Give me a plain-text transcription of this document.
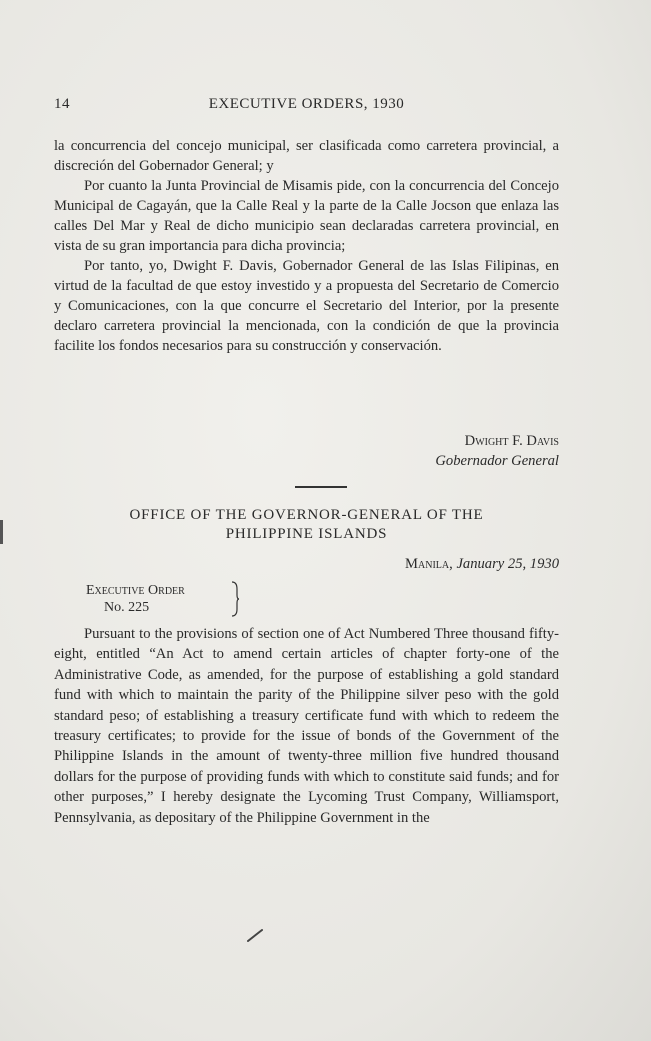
14	EXECUTIVE ORDERS, 1930

la concurrencia del concejo municipal, ser clasificada como carretera provincial, a discreción del Gobernador General; y

Por cuanto la Junta Provincial de Misamis pide, con la concurrencia del Concejo Municipal de Cagayán, que la Calle Real y la parte de la Calle Jocson que enlaza las calles Del Mar y Real de dicho municipio sean declaradas carretera provincial, en vista de su gran importancia para dicha provincia;

Por tanto, yo, Dwight F. Davis, Gobernador General de las Islas Filipinas, en virtud de la facultad de que estoy investido y a propuesta del Secretario de Comercio y Comunicaciones, con la que concurre el Secretario del Interior, por la presente declaro carretera provincial la mencionada, con la condición de que la provincia facilite los fondos necesarios para su construcción y conservación.

Dwight F. Davis
Gobernador General
OFFICE OF THE GOVERNOR-GENERAL OF THE
PHILIPPINE ISLANDS
Manila, January 25, 1930
Executive Order
No. 225

Pursuant to the provisions of section one of Act Numbered Three thousand fifty-eight, entitled “An Act to amend certain articles of chapter forty-one of the Administrative Code, as amended, for the purpose of establishing a gold standard fund with which to maintain the parity of the Philippine silver peso with the gold standard peso; of establishing a treasury certificate fund with which to redeem the treasury certificates; to provide for the issue of bonds of the Government of the Philippine Islands in the amount of twenty-three million five hundred thousand dollars for the purpose of providing funds with which to constitute said funds; and for other purposes,” I hereby designate the Lycoming Trust Company, Williamsport, Pennsylvania, as depositary of the Philippine Government in the
